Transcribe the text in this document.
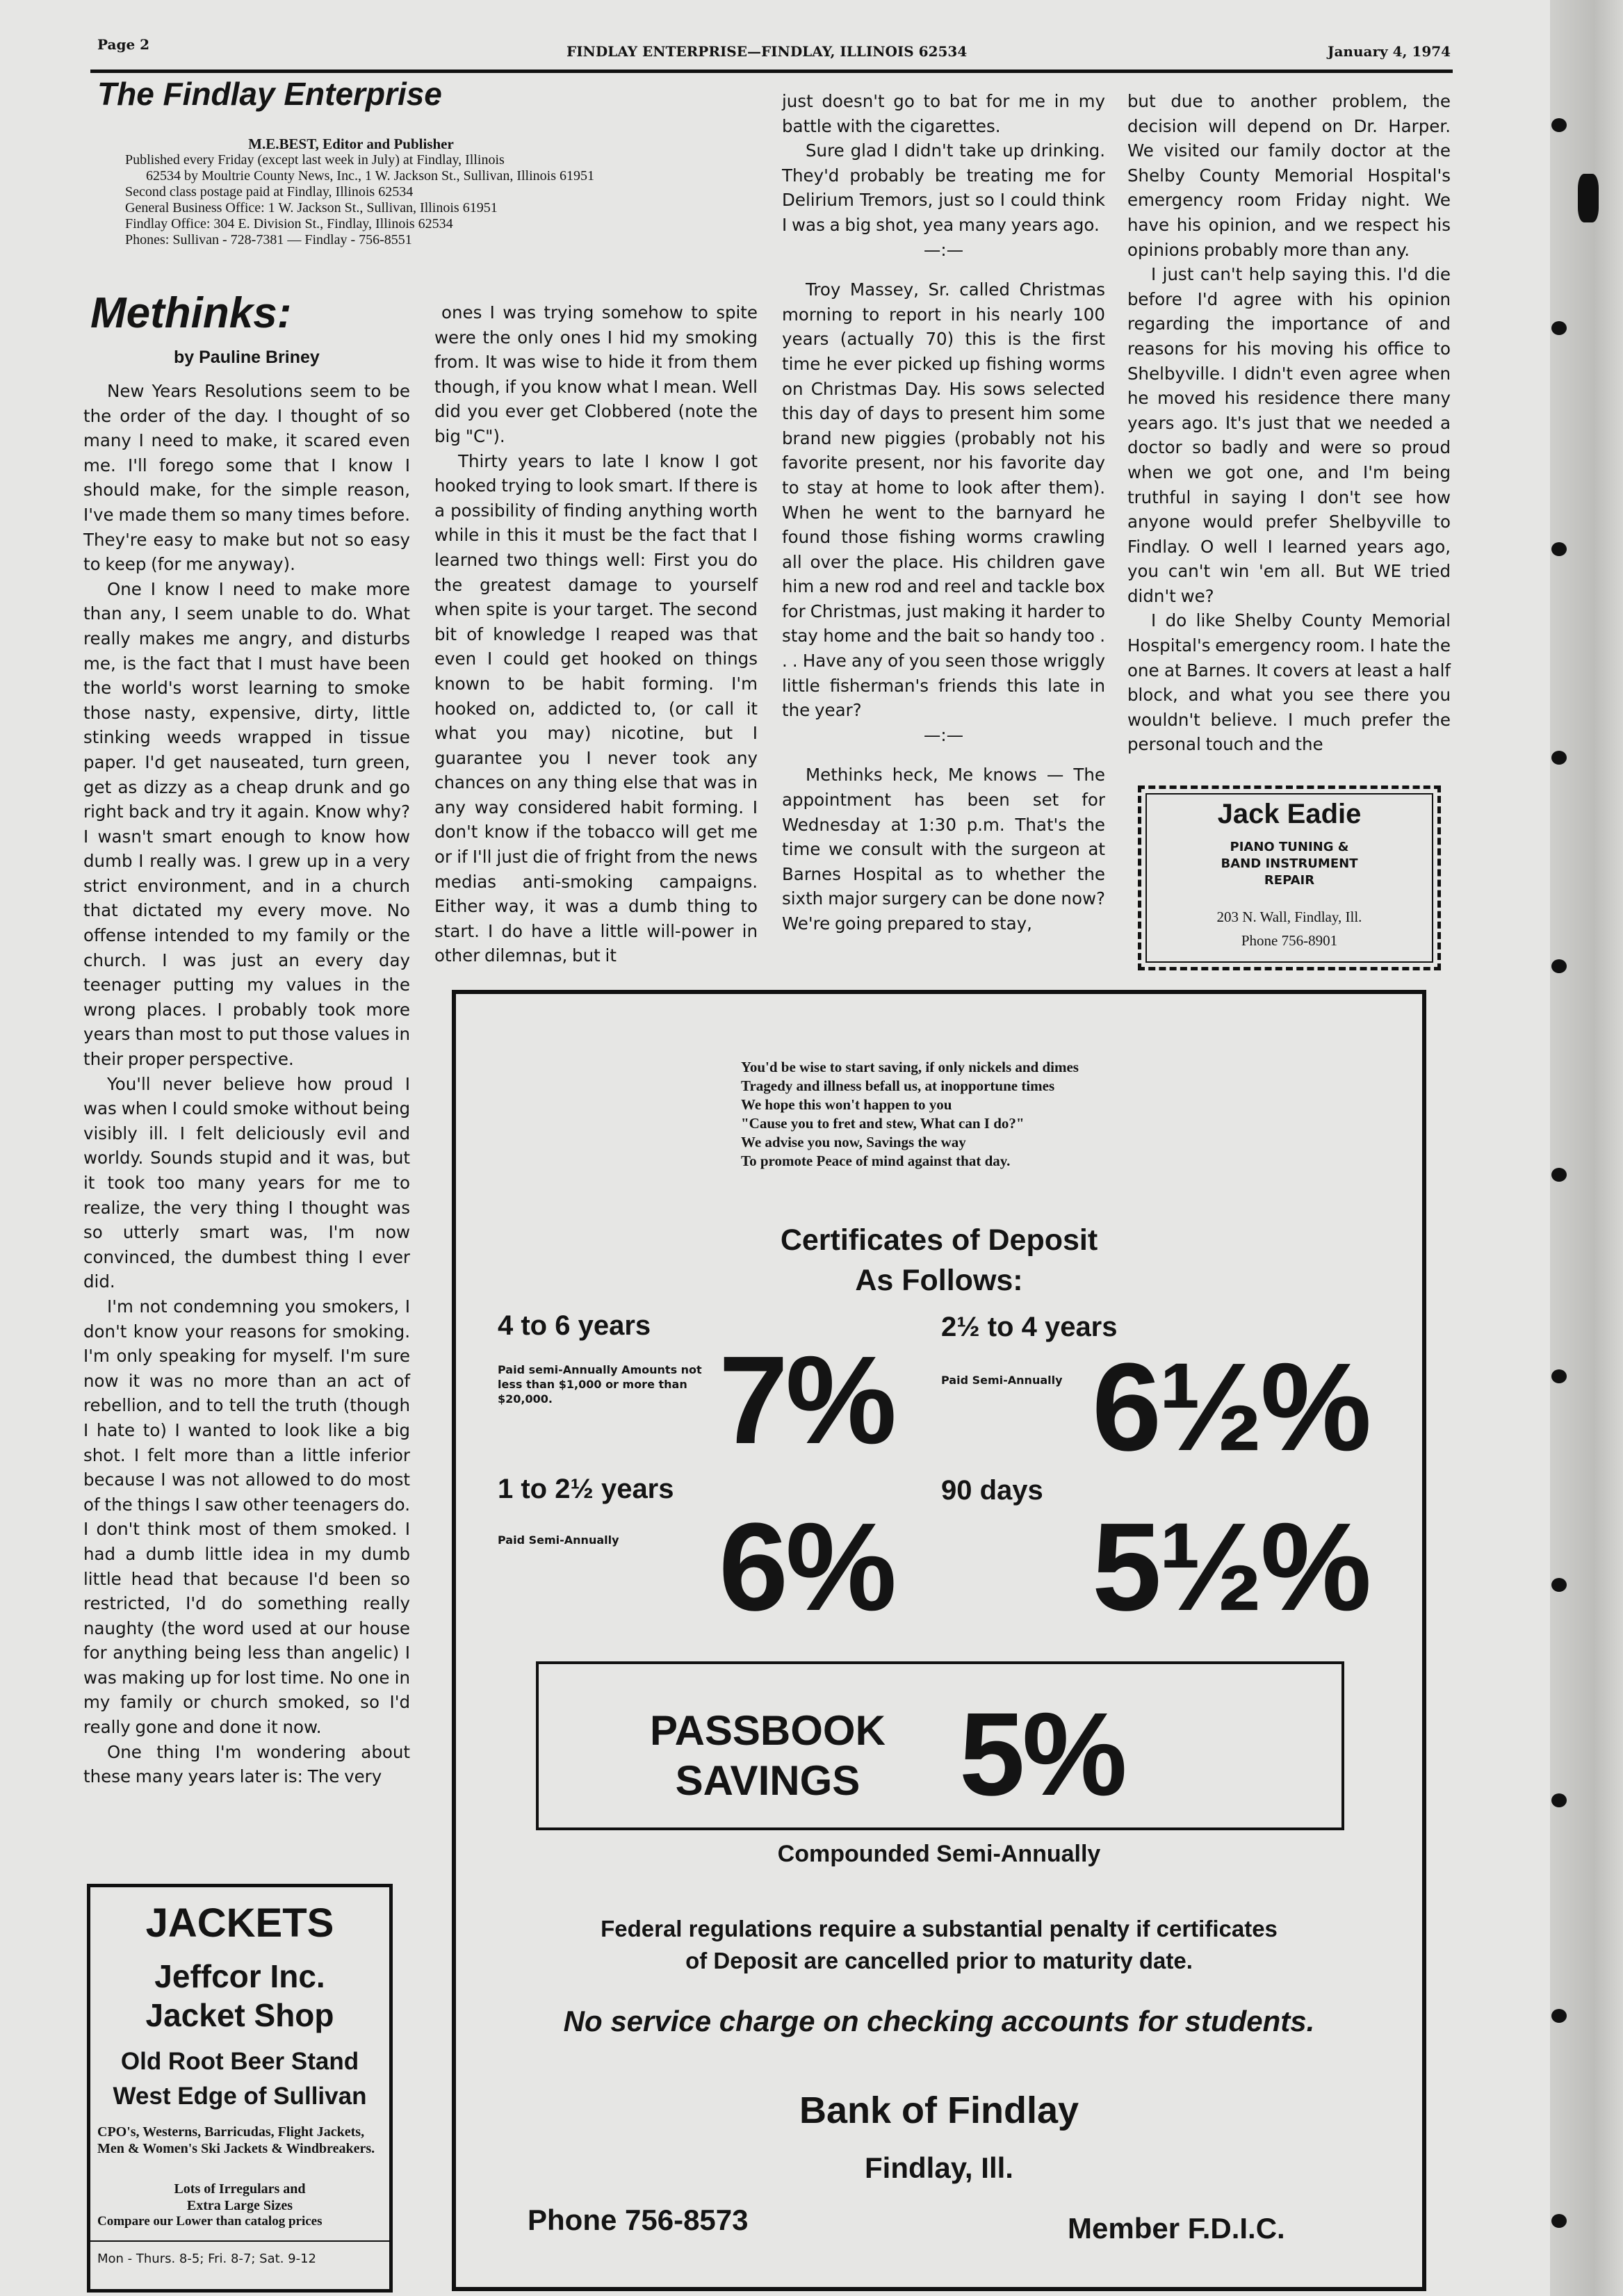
Page 2	FINDLAY ENTERPRISE—FINDLAY, ILLINOIS 62534	January 4, 1974
The Findlay Enterprise
M.E.BEST, Editor and Publisher
Published every Friday (except last week in July) at Findlay, Illinois
62534 by Moultrie County News, Inc., 1 W. Jackson St., Sullivan, Illinois 61951
Second class postage paid at Findlay, Illinois 62534
General Business Office: 1 W. Jackson St., Sullivan, Illinois 61951
Findlay Office: 304 E. Division St., Findlay, Illinois 62534
Phones: Sullivan - 728-7381 — Findlay - 756-8551
Methinks:
by Pauline Briney

New Years Resolutions seem to be the order of the day. I thought of so many I need to make, it scared even me. I'll forego some that I know I should make, for the simple reason, I've made them so many times before. They're easy to make but not so easy to keep (for me anyway).

One I know I need to make more than any, I seem unable to do. What really makes me angry, and disturbs me, is the fact that I must have been the world's worst learning to smoke those nasty, expensive, dirty, little stinking weeds wrapped in tissue paper. I'd get nauseated, turn green, get as dizzy as a cheap drunk and go right back and try it again. Know why? I wasn't smart enough to know how dumb I really was. I grew up in a very strict environment, and in a church that dictated my every move. No offense intended to my family or the church. I was just an every day teenager putting my values in the wrong places. I probably took more years than most to put those values in their proper perspective.

You'll never believe how proud I was when I could smoke without being visibly ill. I felt deliciously evil and worldy. Sounds stupid and it was, but it took too many years for me to realize, the very thing I thought was so utterly smart was, I'm now convinced, the dumbest thing I ever did.

I'm not condemning you smokers, I don't know your reasons for smoking. I'm only speaking for myself. I'm sure now it was no more than an act of rebellion, and to tell the truth (though I hate to) I wanted to look like a big shot. I felt more than a little inferior because I was not allowed to do most of the things I saw other teenagers do. I don't think most of them smoked. I had a dumb little idea in my dumb little head that because I'd been so restricted, I'd do something really naughty (the word used at our house for anything being less than angelic) I was making up for lost time. No one in my family or church smoked, so I'd really gone and done it now.

One thing I'm wondering about these many years later is: The very

ones I was trying somehow to spite were the only ones I hid my smoking from. It was wise to hide it from them though, if you know what I mean. Well did you ever get Clobbered (note the big "C").

Thirty years to late I know I got hooked trying to look smart. If there is a possibility of finding anything worth while in this it must be the fact that I learned two things well: First you do the greatest damage to yourself when spite is your target. The second bit of knowledge I reaped was that even I could get hooked on things known to be habit forming. I'm hooked on, addicted to, (or call it what you may) nicotine, but I guarantee you I never took any chances on any thing else that was in any way considered habit forming. I don't know if the tobacco will get me or if I'll just die of fright from the news medias anti-smoking campaigns. Either way, it was a dumb thing to start. I do have a little will-power in other dilemnas, but it

just doesn't go to bat for me in my battle with the cigarettes.

Sure glad I didn't take up drinking. They'd probably be treating me for Delirium Tremors, just so I could think I was a big shot, yea many years ago.

—:—

Troy Massey, Sr. called Christmas morning to report in his nearly 100 years (actually 70) this is the first time he ever picked up fishing worms on Christmas Day. His sows selected this day of days to present him some brand new piggies (probably not his favorite present, nor his favorite day to stay at home to look after them). When he went to the barnyard he found those fishing worms crawling all over the place. His children gave him a new rod and reel and tackle box for Christmas, just making it harder to stay home and the bait so handy too . . . Have any of you seen those wriggly little fisherman's friends this late in the year?

—:—

Methinks heck, Me knows — The appointment has been set for Wednesday at 1:30 p.m. That's the time we consult with the surgeon at Barnes Hospital as to whether the sixth major surgery can be done now? We're going prepared to stay,

but due to another problem, the decision will depend on Dr. Harper. We visited our family doctor at the Shelby County Memorial Hospital's emergency room Friday night. We have his opinion, and we respect his opinions probably more than any.

I just can't help saying this. I'd die before I'd agree with his opinion regarding the importance of and reasons for his moving his office to Shelbyville. I didn't even agree when he moved his residence there many years ago. It's just that we needed a doctor so badly and were so proud when we got one, and I'm being truthful in saying I don't see how anyone would prefer Shelbyville to Findlay. O well I learned years ago, you can't win 'em all. But WE tried didn't we?

I do like Shelby County Memorial Hospital's emergency room. I hate the one at Barnes. It covers at least a half block, and what you see there you wouldn't believe. I much prefer the personal touch and the

Jack Eadie
PIANO TUNING & BAND INSTRUMENT REPAIR
203 N. Wall, Findlay, Ill.
Phone 756-8901
You'd be wise to start saving, if only nickels and dimes
Tragedy and illness befall us, at inopportune times
We hope this won't happen to you
"Cause you to fret and stew, What can I do?"
We advise you now, Savings the way
To promote Peace of mind against that day.
Certificates of Deposit
As Follows:
4 to 6 years
Paid semi-Annually Amounts not less than $1,000 or more than $20,000.	7%
2½ to 4 years
Paid Semi-Annually 6½%
1 to 2½ years
Paid Semi-Annually 6%
90 days
5½%
PASSBOOK
SAVINGS 5%
Compounded Semi-Annually
Federal regulations require a substantial penalty if certificates
of Deposit are cancelled prior to maturity date.
No service charge on checking accounts for students.
Bank of Findlay
Findlay, Ill.
Phone 756-8573	Member F.D.I.C.
JACKETS
Jeffcor Inc.
Jacket Shop
Old Root Beer Stand
West Edge of Sullivan
CPO's, Westerns, Barricudas, Flight Jackets, Men & Women's Ski Jackets & Windbreakers.
Lots of Irregulars and
Extra Large Sizes
Compare our Lower than catalog prices
Mon - Thurs. 8-5; Fri. 8-7; Sat. 9-12
